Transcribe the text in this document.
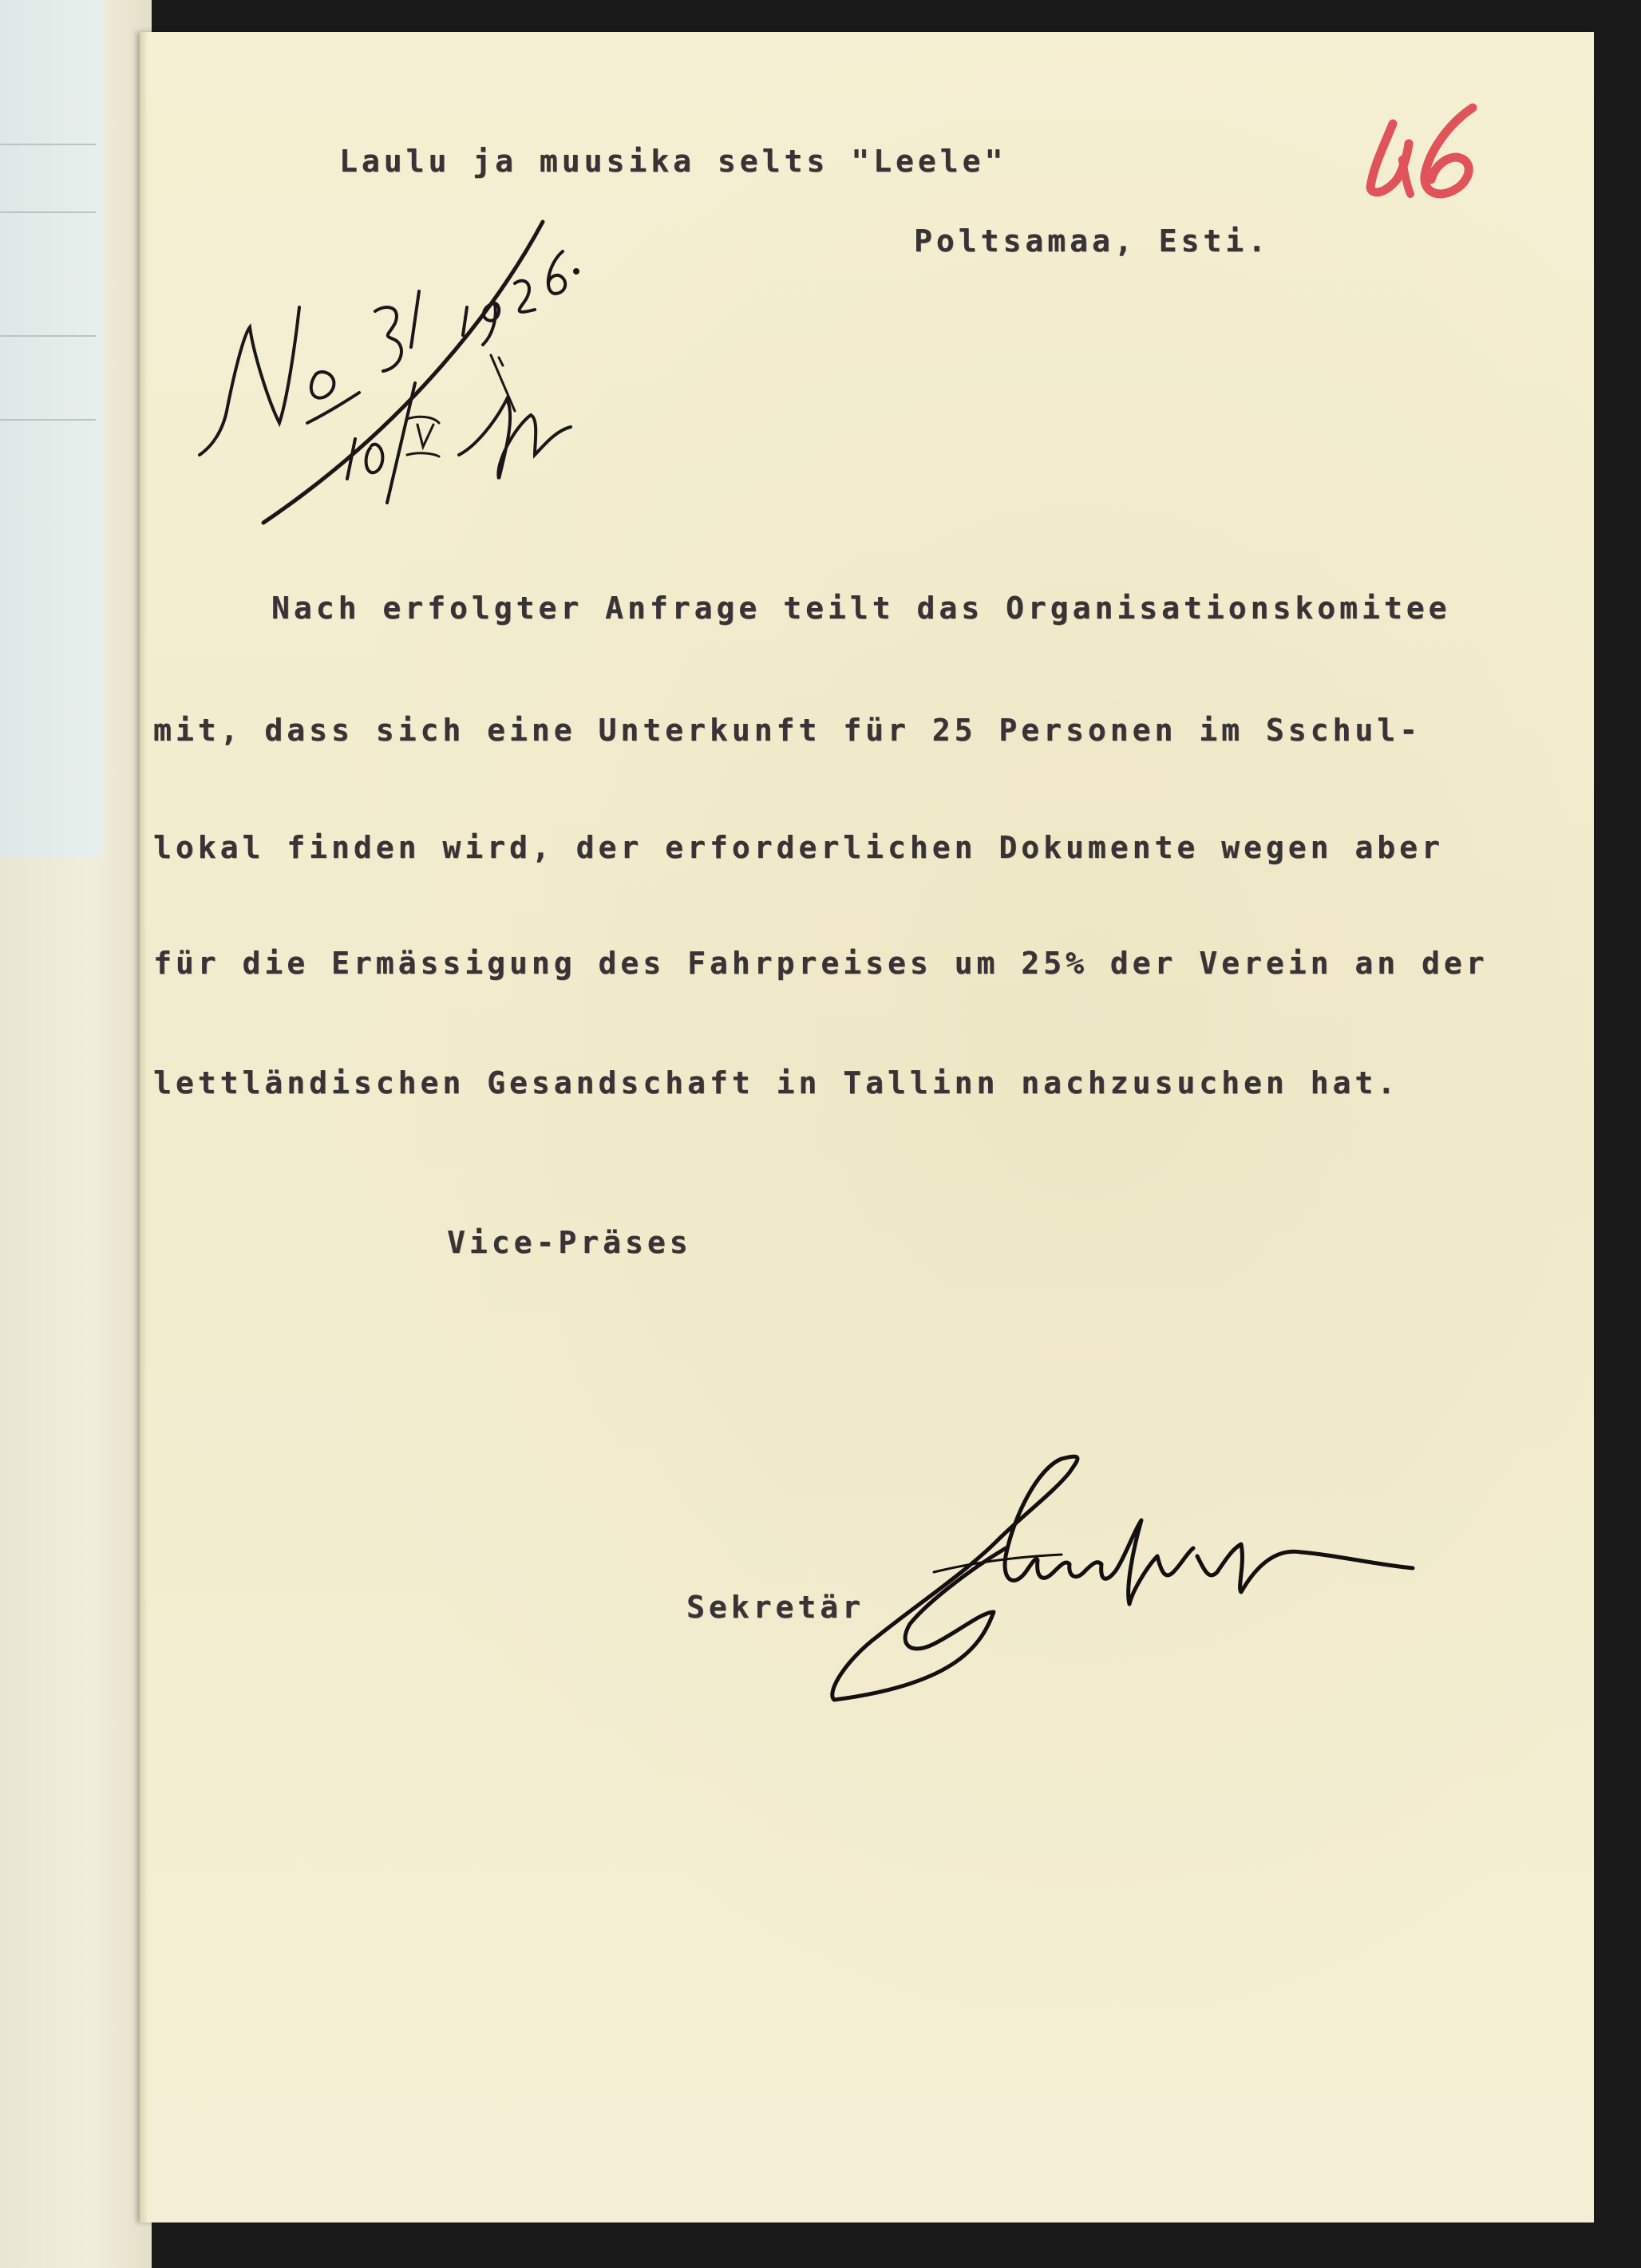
Laulu ja muusika selts "Leele"
Poltsamaa, Esti.
Nach erfolgter Anfrage teilt das Organisationskomitee
mit, dass sich eine Unterkunft für 25 Personen im Sschul-
lokal finden wird, der erforderlichen Dokumente wegen aber
für die Ermässigung des Fahrpreises um 25% der Verein an der
lettländischen Gesandschaft in Tallinn nachzusuchen hat.
Vice-Präses
Sekretär
